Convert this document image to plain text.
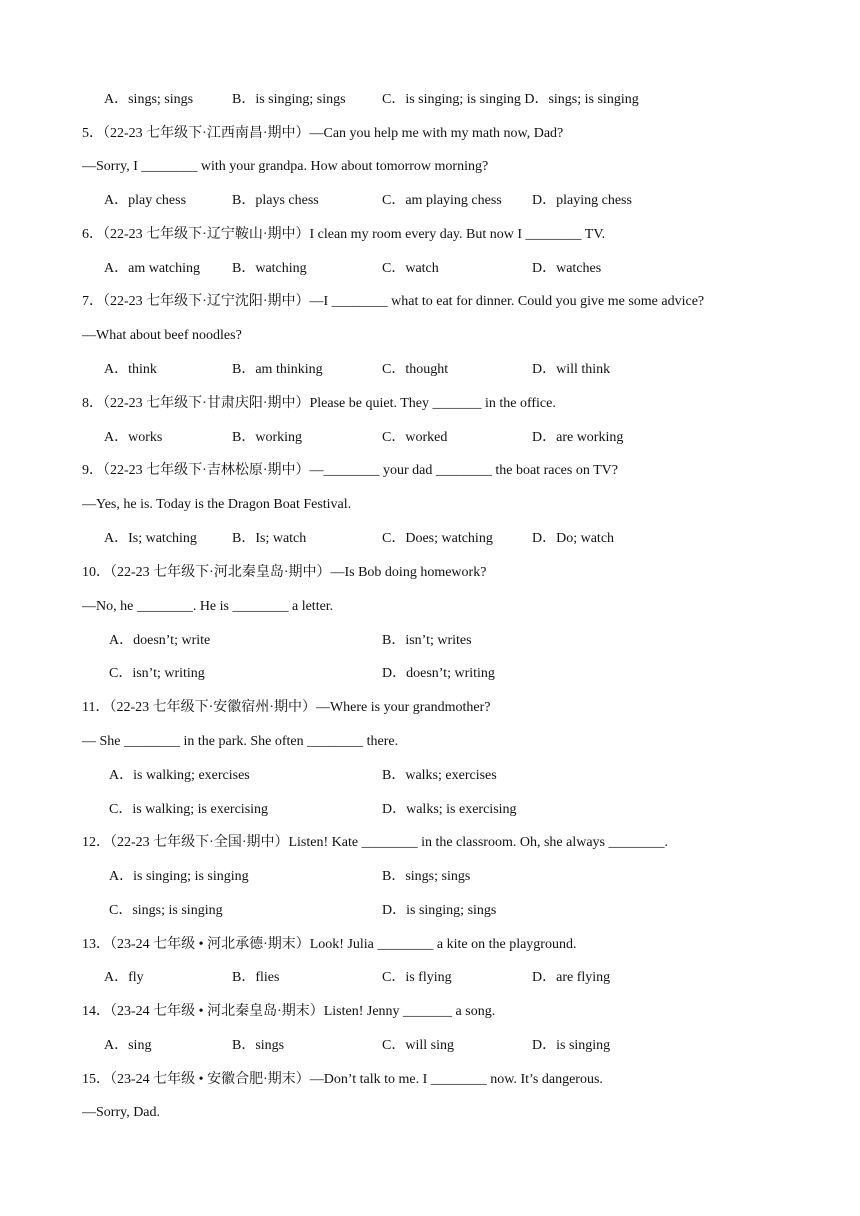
A．sings; sings	B．is singing; sings	C．is singing; is singing D．sings; is singing
5．（22-23 七年级下·江西南昌·期中）—Can you help me with my math now, Dad?
—Sorry, I ________ with your grandpa. How about tomorrow morning?
A．play chess	B．plays chess	C．am playing chess D．playing chess
6．（22-23 七年级下·辽宁鞍山·期中）I clean my room every day. But now I ________ TV.
A．am watching B．watching	C．watch	D．watches
7．（22-23 七年级下·辽宁沈阳·期中）—I ________ what to eat for dinner. Could you give me some advice?
—What about beef noodles?
A．think	B．am thinking	C．thought	D．will think
8．（22-23 七年级下·甘肃庆阳·期中）Please be quiet. They _______ in the office.
A．works	B．working	C．worked	D．are working
9．（22-23 七年级下·吉林松原·期中）—________ your dad ________ the boat races on TV?
—Yes, he is. Today is the Dragon Boat Festival.
A．Is; watching	B．Is; watch	C．Does; watching	D．Do; watch
10．（22-23 七年级下·河北秦皇岛·期中）—Is Bob doing homework?
—No, he ________. He is ________ a letter.
A．doesn’t; write	B．isn’t; writes
C．isn’t; writing	D．doesn’t; writing
11．（22-23 七年级下·安徽宿州·期中）—Where is your grandmother?
— She ________ in the park. She often ________ there.
A．is walking; exercises	B．walks; exercises
C．is walking; is exercising	D．walks; is exercising
12．（22-23 七年级下·全国·期中）Listen! Kate ________ in the classroom. Oh, she always ________.
A．is singing; is singing	B．sings; sings
C．sings; is singing	D．is singing; sings
13．（23-24 七年级 • 河北承德·期末）Look! Julia ________ a kite on the playground.
A．fly	B．flies	C．is flying	D．are flying
14．（23-24 七年级 • 河北秦皇岛·期末）Listen! Jenny _______ a song.
A．sing	B．sings	C．will sing	D．is singing
15．（23-24 七年级 • 安徽合肥·期末）—Don’t talk to me. I ________ now. It’s dangerous.
—Sorry, Dad.
